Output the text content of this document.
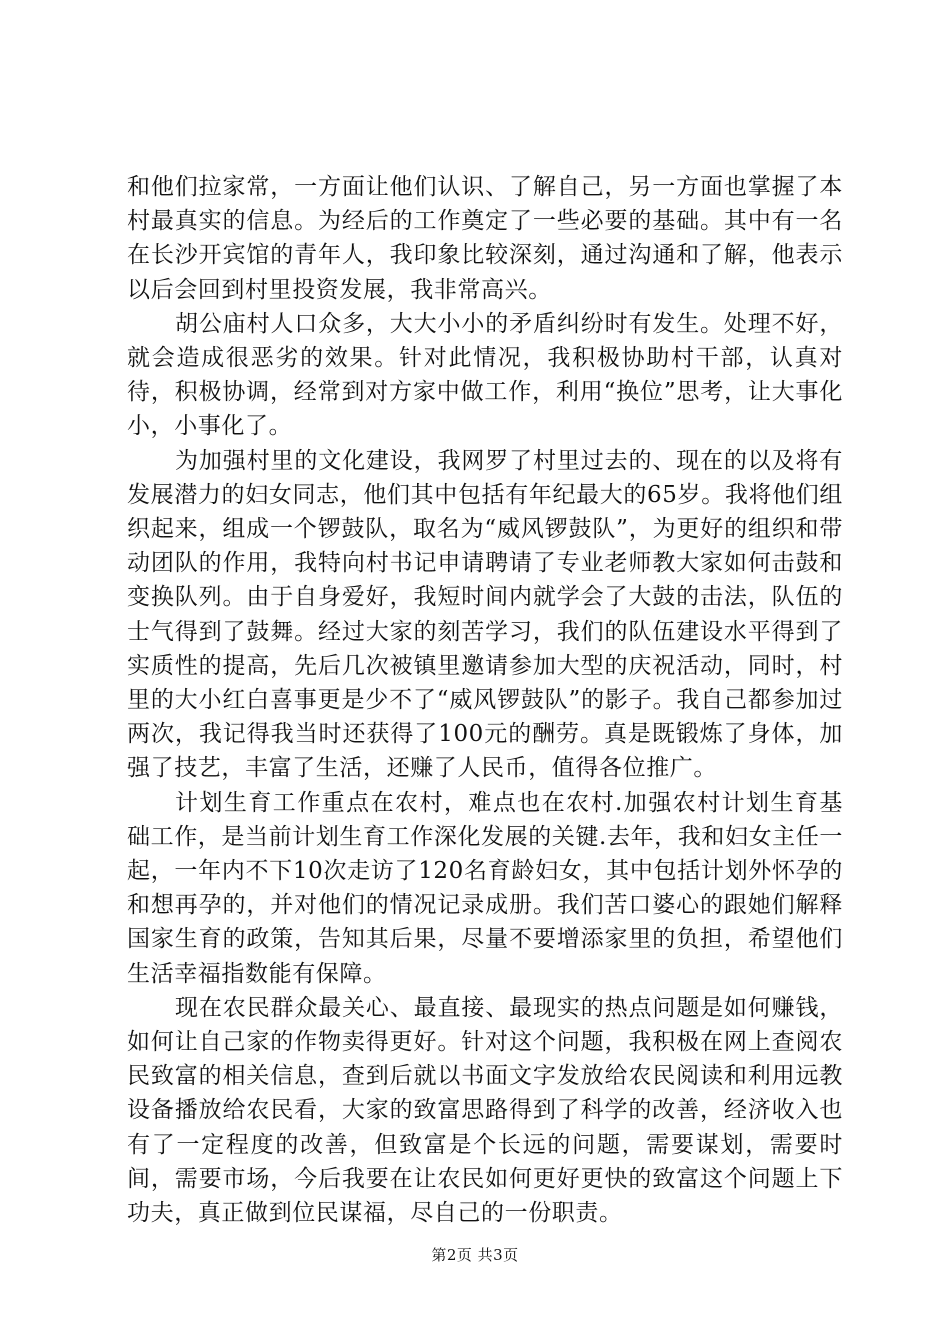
和他们拉家常，一方面让他们认识、了解自己，另一方面也掌握了本村最真实的信息。为经后的工作奠定了一些必要的基础。其中有一名在长沙开宾馆的青年人，我印象比较深刻，通过沟通和了解，他表示以后会回到村里投资发展，我非常高兴。

胡公庙村人口众多，大大小小的矛盾纠纷时有发生。处理不好，就会造成很恶劣的效果。针对此情况，我积极协助村干部，认真对待，积极协调，经常到对方家中做工作，利用“换位”思考，让大事化小，小事化了。

为加强村里的文化建设，我网罗了村里过去的、现在的以及将有发展潜力的妇女同志，他们其中包括有年纪最大的65岁。我将他们组织起来，组成一个锣鼓队，取名为“威风锣鼓队”，为更好的组织和带动团队的作用，我特向村书记申请聘请了专业老师教大家如何击鼓和变换队列。由于自身爱好，我短时间内就学会了大鼓的击法，队伍的士气得到了鼓舞。经过大家的刻苦学习，我们的队伍建设水平得到了实质性的提高，先后几次被镇里邀请参加大型的庆祝活动，同时，村里的大小红白喜事更是少不了“威风锣鼓队”的影子。我自己都参加过两次，我记得我当时还获得了100元的酬劳。真是既锻炼了身体，加强了技艺，丰富了生活，还赚了人民币，值得各位推广。

计划生育工作重点在农村，难点也在农村.加强农村计划生育基础工作，是当前计划生育工作深化发展的关键.去年，我和妇女主任一起，一年内不下10次走访了120名育龄妇女，其中包括计划外怀孕的和想再孕的，并对他们的情况记录成册。我们苦口婆心的跟她们解释国家生育的政策，告知其后果，尽量不要增添家里的负担，希望他们生活幸福指数能有保障。

现在农民群众最关心、最直接、最现实的热点问题是如何赚钱，如何让自己家的作物卖得更好。针对这个问题，我积极在网上查阅农民致富的相关信息，查到后就以书面文字发放给农民阅读和利用远教设备播放给农民看，大家的致富思路得到了科学的改善，经济收入也有了一定程度的改善，但致富是个长远的问题，需要谋划，需要时间，需要市场，今后我要在让农民如何更好更快的致富这个问题上下功夫，真正做到位民谋福，尽自己的一份职责。

第2页 共3页
